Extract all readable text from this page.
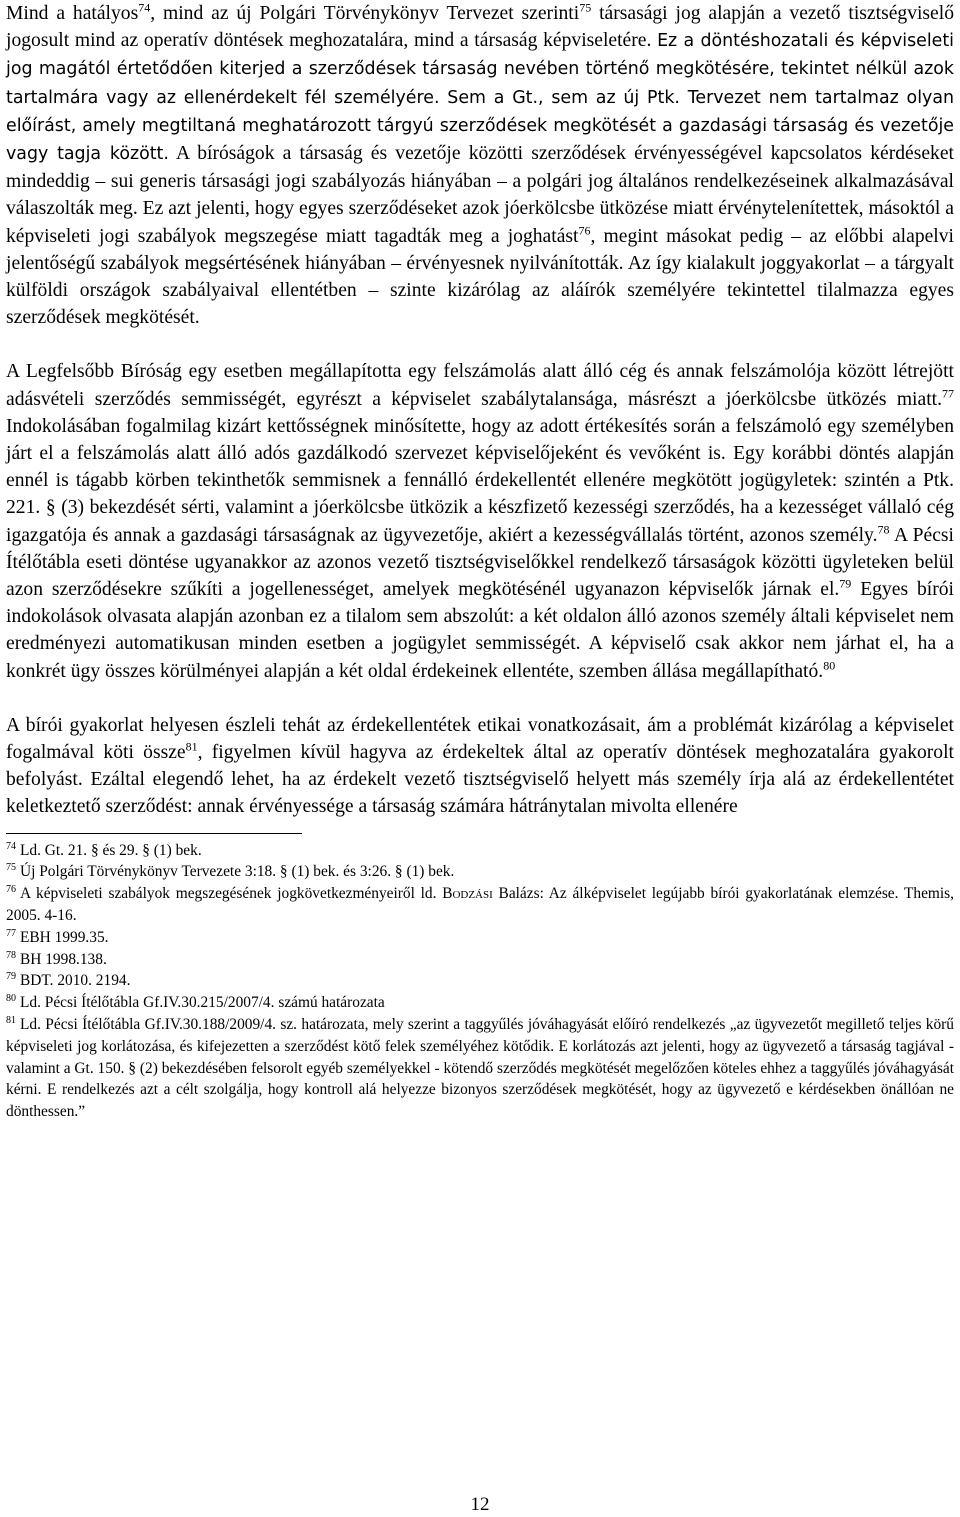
Mind a hatályos$^{74}$, mind az új Polgári Törvénykönyv Tervezet szerinti$^{75}$ társasági jog alapján a vezető tisztségviselő jogosult mind az operatív döntések meghozatalára, mind a társaság képviseletére. Ez a döntéshozatali és képviseleti jog magától értetődően kiterjed a szerződések társaság nevében történő megkötésére, tekintet nélkül azok tartalmára vagy az ellenérdekelt fél személyére. Sem a Gt., sem az új Ptk. Tervezet nem tartalmaz olyan előírást, amely megtiltaná meghatározott tárgyú szerződések megkötését a gazdasági társaság és vezetője vagy tagja között. A bíróságok a társaság és vezetője közötti szerződések érvényességével kapcsolatos kérdéseket mindeddig – sui generis társasági jogi szabályozás hiányában – a polgári jog általános rendelkezéseinek alkalmazásával válaszolták meg. Ez azt jelenti, hogy egyes szerződéseket azok jóerkölcsbe ütközése miatt érvénytelenítettek, másoktól a képviseleti jogi szabályok megszegése miatt tagadták meg a joghatást$^{76}$, megint másokat pedig – az előbbi alapelvi jelentőségű szabályok megsértésének hiányában – érvényesnek nyilvánították. Az így kialakult joggyakorlat – a tárgyalt külföldi országok szabályaival ellentétben – szinte kizárólag az aláírók személyére tekintettel tilalmazza egyes szerződések megkötését.

A Legfelsőbb Bíróság egy esetben megállapította egy felszámolás alatt álló cég és annak felszámolója között létrejött adásvételi szerződés semmisségét, egyrészt a képviselet szabálytalansága, másrészt a jóerkölcsbe ütközés miatt.$^{77}$ Indokolásában fogalmilag kizárt kettősségnek minősítette, hogy az adott értékesítés során a felszámoló egy személyben járt el a felszámolás alatt álló adós gazdálkodó szervezet képviselőjeként és vevőként is. Egy korábbi döntés alapján ennél is tágabb körben tekinthetők semmisnek a fennálló érdekellentét ellenére megkötött jogügyletek: szintén a Ptk. 221. § (3) bekezdését sérti, valamint a jóerkölcsbe ütközik a készfizető kezességi szerződés, ha a kezességet vállaló cég igazgatója és annak a gazdasági társaságnak az ügyvezetője, akiért a kezességvállalás történt, azonos személy.$^{78}$ A Pécsi Ítélőtábla eseti döntése ugyanakkor az azonos vezető tisztségviselőkkel rendelkező társaságok közötti ügyleteken belül azon szerződésekre szűkíti a jogellenességet, amelyek megkötésénél ugyanazon képviselők járnak el.$^{79}$ Egyes bírói indokolások olvasata alapján azonban ez a tilalom sem abszolút: a két oldalon álló azonos személy általi képviselet nem eredményezi automatikusan minden esetben a jogügylet semmisségét. A képviselő csak akkor nem járhat el, ha a konkrét ügy összes körülményei alapján a két oldal érdekeinek ellentéte, szemben állása megállapítható.$^{80}$

A bírói gyakorlat helyesen észleli tehát az érdekellentétek etikai vonatkozásait, ám a problémát kizárólag a képviselet fogalmával köti össze$^{81}$, figyelmen kívül hagyva az érdekeltek által az operatív döntések meghozatalára gyakorolt befolyást. Ezáltal elegendő lehet, ha az érdekelt vezető tisztségviselő helyett más személy írja alá az érdekellentétet keletkeztető szerződést: annak érvényessége a társaság számára hátránytalan mivolta ellenére

$^{74}$ Ld. Gt. 21. § és 29. § (1) bek.

$^{75}$ Új Polgári Törvénykönyv Tervezete 3:18. § (1) bek. és 3:26. § (1) bek.

$^{76}$ A képviseleti szabályok megszegésének jogkövetkezményeiről ld. Bodzási Balázs: Az álképviselet legújabb bírói gyakorlatának elemzése. Themis, 2005. 4-16.

$^{77}$ EBH 1999.35.

$^{78}$ BH 1998.138.

$^{79}$ BDT. 2010. 2194.

$^{80}$ Ld. Pécsi Ítélőtábla Gf.IV.30.215/2007/4. számú határozata

$^{81}$ Ld. Pécsi Ítélőtábla Gf.IV.30.188/2009/4. sz. határozata, mely szerint a taggyűlés jóváhagyását előíró rendelkezés „az ügyvezetőt megillető teljes körű képviseleti jog korlátozása, és kifejezetten a szerződést kötő felek személyéhez kötődik. E korlátozás azt jelenti, hogy az ügyvezető a társaság tagjával - valamint a Gt. 150. § (2) bekezdésében felsorolt egyéb személyekkel - kötendő szerződés megkötését megelőzően köteles ehhez a taggyűlés jóváhagyását kérni. E rendelkezés azt a célt szolgálja, hogy kontroll alá helyezze bizonyos szerződések megkötését, hogy az ügyvezető e kérdésekben önállóan ne dönthessen.”

12
